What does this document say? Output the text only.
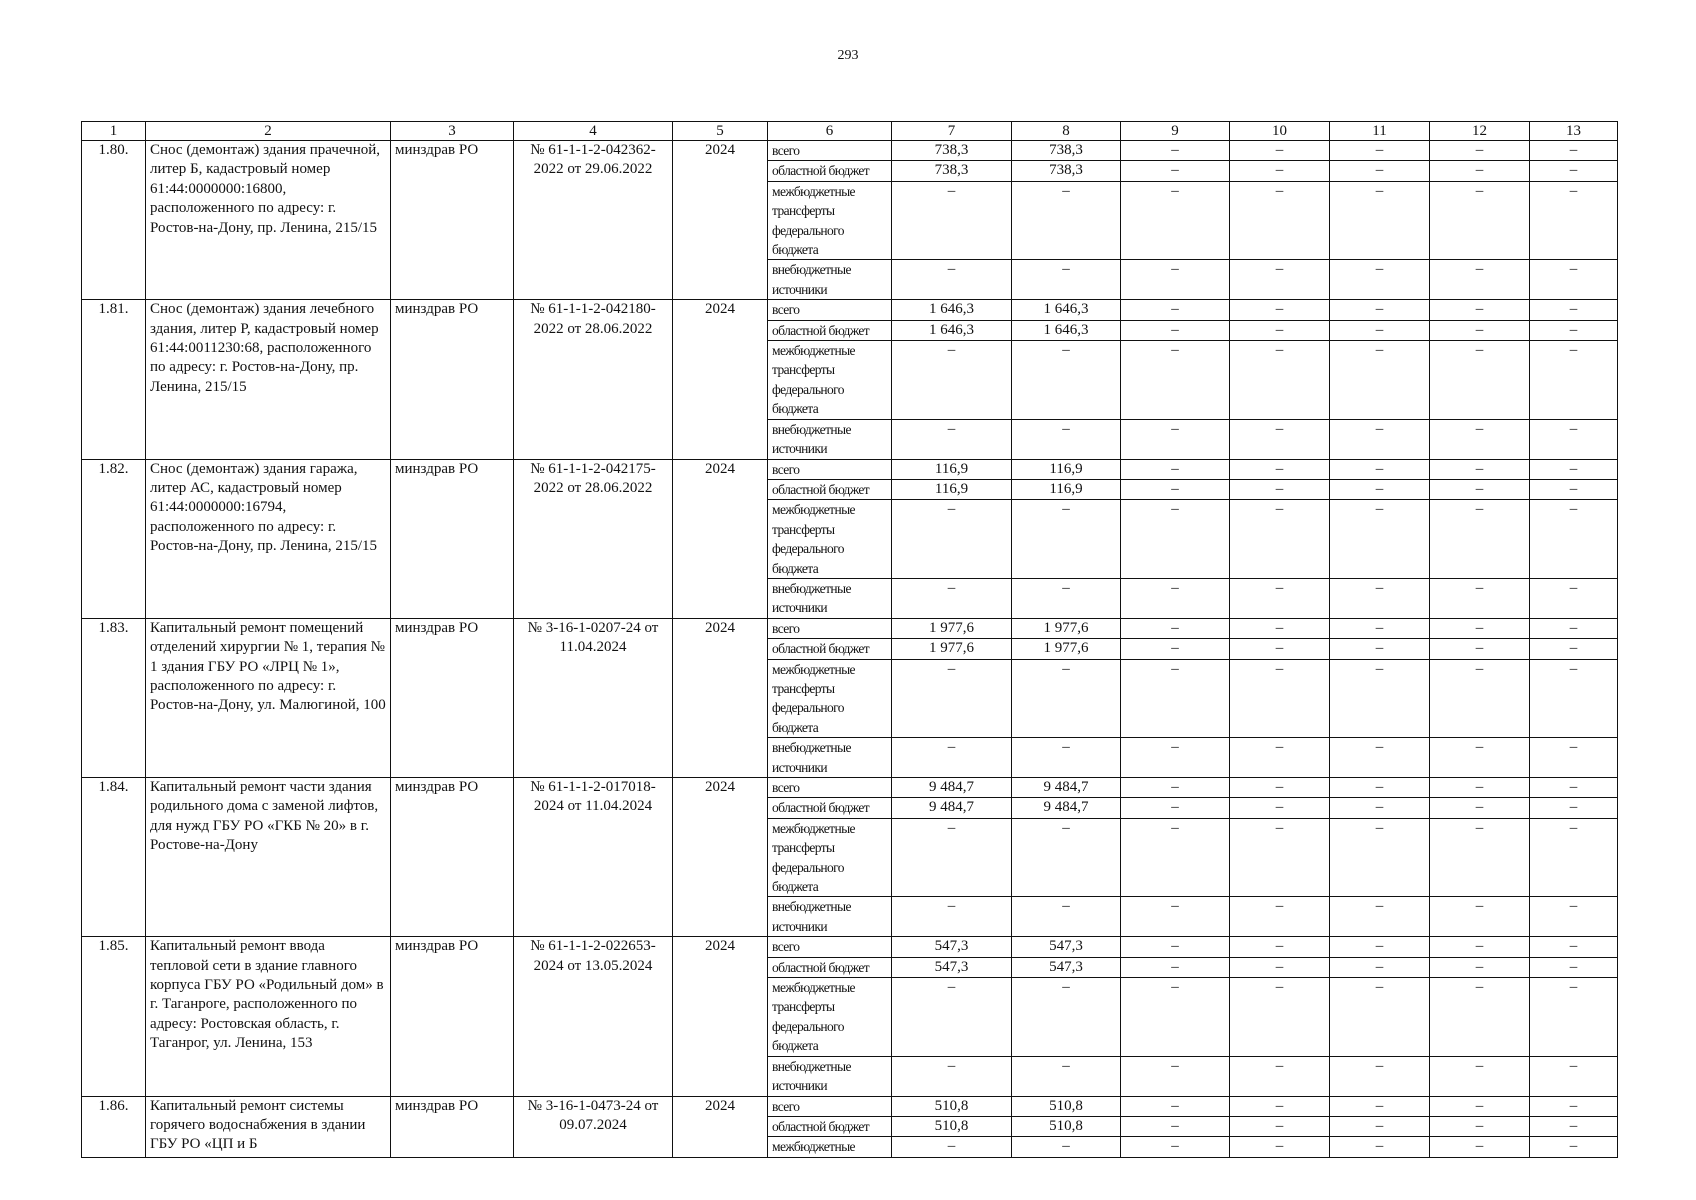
293
1	2	3	4	5	6	7	8	9	10	11	12	13
1.80.	Снос (демонтаж) здания прачечной, литер Б, кадастровый номер 61:44:0000000:16800, расположенного по адресу: г. Ростов-на-Дону, пр. Ленина, 215/15	минздрав РО	№ 61-1-1-2-042362-2022 от 29.06.2022	2024	всего	738,3	738,3	–	–	–	–	–
					областной бюджет	738,3	738,3	–	–	–	–	–
					межбюджетные трансферты федерального бюджета	–	–	–	–	–	–	–
					внебюджетные источники	–	–	–	–	–	–	–
1.81.	Снос (демонтаж) здания лечебного здания, литер Р, кадастровый номер 61:44:0011230:68, расположенного по адресу: г. Ростов-на-Дону, пр. Ленина, 215/15	минздрав РО	№ 61-1-1-2-042180-2022 от 28.06.2022	2024	всего	1 646,3	1 646,3	–	–	–	–	–
					областной бюджет	1 646,3	1 646,3	–	–	–	–	–
					межбюджетные трансферты федерального бюджета	–	–	–	–	–	–	–
					внебюджетные источники	–	–	–	–	–	–	–
1.82.	Снос (демонтаж) здания гаража, литер АС, кадастровый номер 61:44:0000000:16794, расположенного по адресу: г. Ростов-на-Дону, пр. Ленина, 215/15	минздрав РО	№ 61-1-1-2-042175-2022 от 28.06.2022	2024	всего	116,9	116,9	–	–	–	–	–
					областной бюджет	116,9	116,9	–	–	–	–	–
					межбюджетные трансферты федерального бюджета	–	–	–	–	–	–	–
					внебюджетные источники	–	–	–	–	–	–	–
1.83.	Капитальный ремонт помещений отделений хирургии № 1, терапия № 1 здания ГБУ РО «ЛРЦ № 1», расположенного по адресу: г. Ростов-на-Дону, ул. Малюгиной, 100	минздрав РО	№ 3-16-1-0207-24 от 11.04.2024	2024	всего	1 977,6	1 977,6	–	–	–	–	–
					областной бюджет	1 977,6	1 977,6	–	–	–	–	–
					межбюджетные трансферты федерального бюджета	–	–	–	–	–	–	–
					внебюджетные источники	–	–	–	–	–	–	–
1.84.	Капитальный ремонт части здания родильного дома с заменой лифтов, для нужд ГБУ РО «ГКБ № 20» в г. Ростове-на-Дону	минздрав РО	№ 61-1-1-2-017018-2024 от 11.04.2024	2024	всего	9 484,7	9 484,7	–	–	–	–	–
					областной бюджет	9 484,7	9 484,7	–	–	–	–	–
					межбюджетные трансферты федерального бюджета	–	–	–	–	–	–	–
					внебюджетные источники	–	–	–	–	–	–	–
1.85.	Капитальный ремонт ввода тепловой сети в здание главного корпуса ГБУ РО «Родильный дом» в г. Таганроге, расположенного по адресу: Ростовская область, г. Таганрог, ул. Ленина, 153	минздрав РО	№ 61-1-1-2-022653-2024 от 13.05.2024	2024	всего	547,3	547,3	–	–	–	–	–
					областной бюджет	547,3	547,3	–	–	–	–	–
					межбюджетные трансферты федерального бюджета	–	–	–	–	–	–	–
					внебюджетные источники	–	–	–	–	–	–	–
1.86.	Капитальный ремонт системы горячего водоснабжения в здании ГБУ РО «ЦП и Б	минздрав РО	№ 3-16-1-0473-24 от 09.07.2024	2024	всего	510,8	510,8	–	–	–	–	–
					областной бюджет	510,8	510,8	–	–	–	–	–
					межбюджетные	–	–	–	–	–	–	–
